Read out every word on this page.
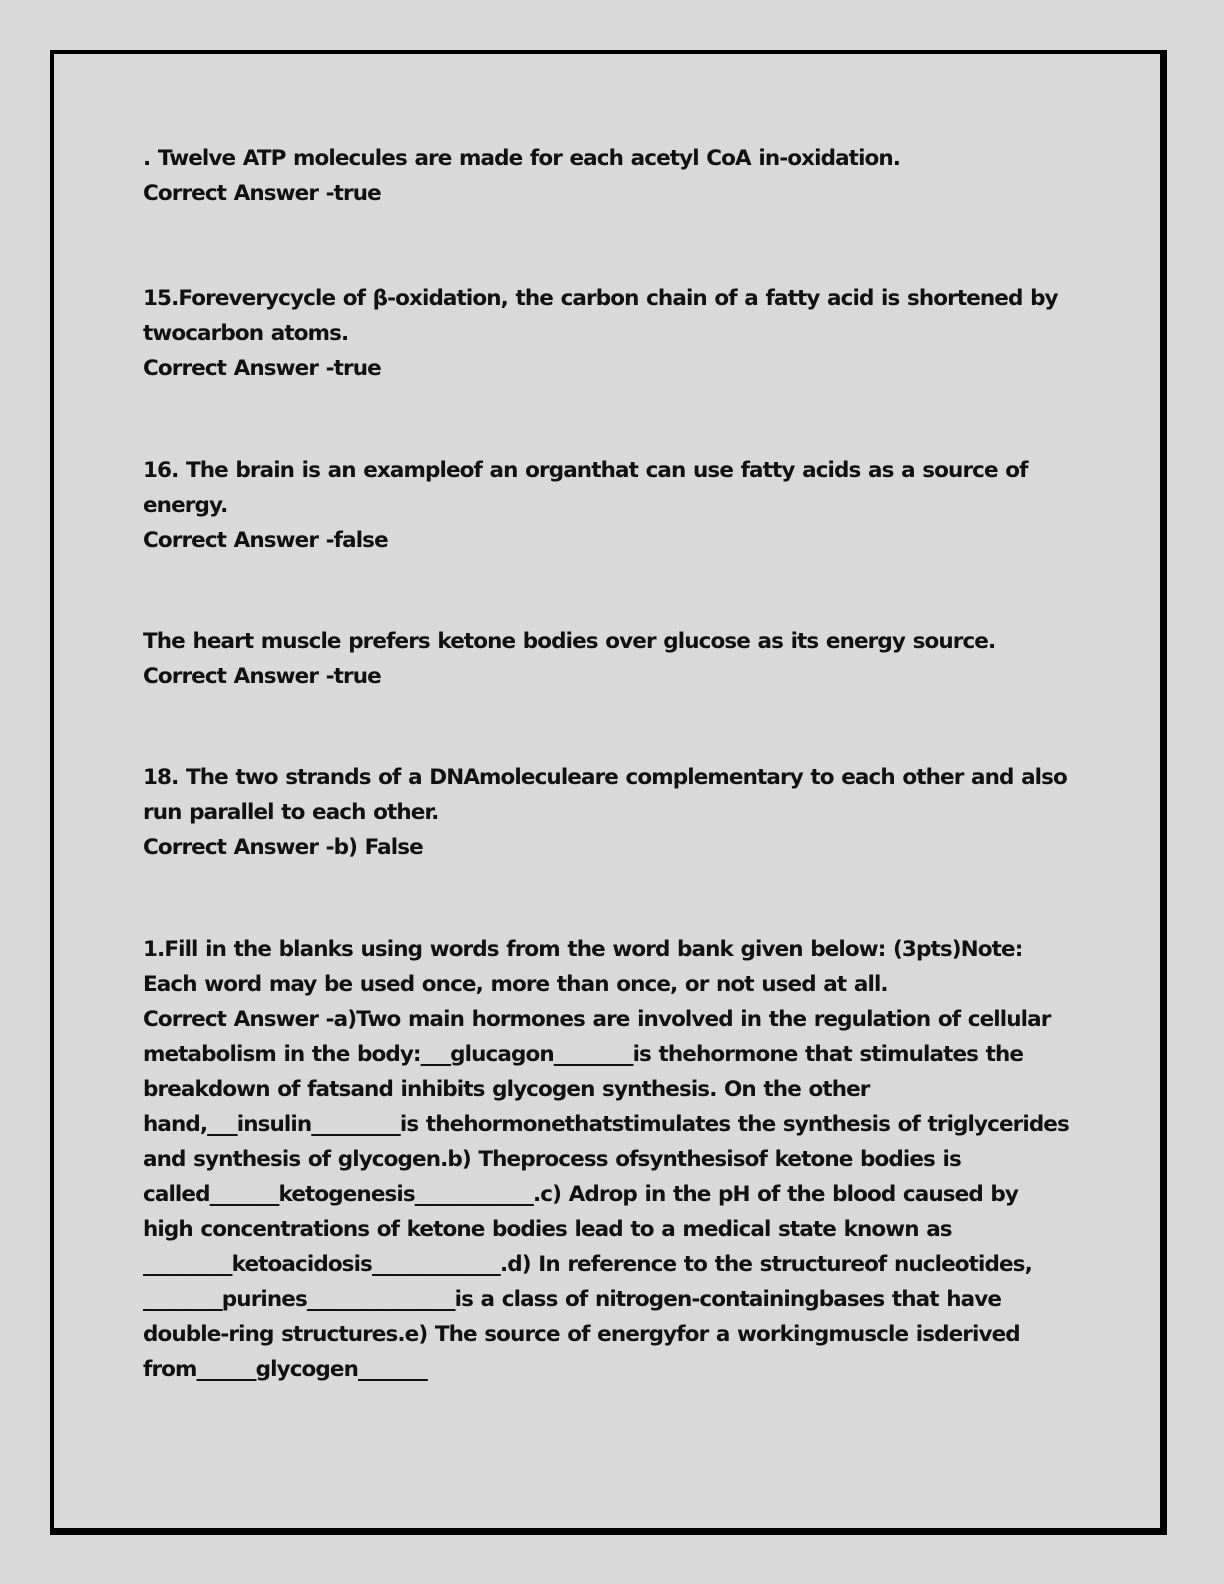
. Twelve ATP molecules are made for each acetyl CoA in-oxidation.

Correct Answer -true

15.Foreverycycle of β-oxidation, the carbon chain of a fatty acid is shortened by twocarbon atoms.

Correct Answer -true

16. The brain is an exampleof an organthat can use fatty acids as a source of energy.

Correct Answer -false

The heart muscle prefers ketone bodies over glucose as its energy source.

Correct Answer -true

18. The two strands of a DNAmoleculeare complementary to each other and also run parallel to each other.

Correct Answer -b) False

1.Fill in the blanks using words from the word bank given below: (3pts)Note: Each word may be used once, more than once, or not used at all.

Correct Answer -a)Two main hormones are involved in the regulation of cellular metabolism in the body:___glucagon________is thehormone that stimulates the breakdown of fatsand inhibits glycogen synthesis. On the other hand,___insulin_________is thehormonethatstimulates the synthesis of triglycerides and synthesis of glycogen.b) Theprocess ofsynthesisof ketone bodies is called_______ketogenesis____________.c) Adrop in the pH of the blood caused by high concentrations of ketone bodies lead to a medical state known as _________ketoacidosis_____________.d) In reference to the structureof nucleotides, ________purines_______________is a class of nitrogen-containingbases that have double-ring structures.e) The source of energyfor a workingmuscle isderived from______glycogen_______
